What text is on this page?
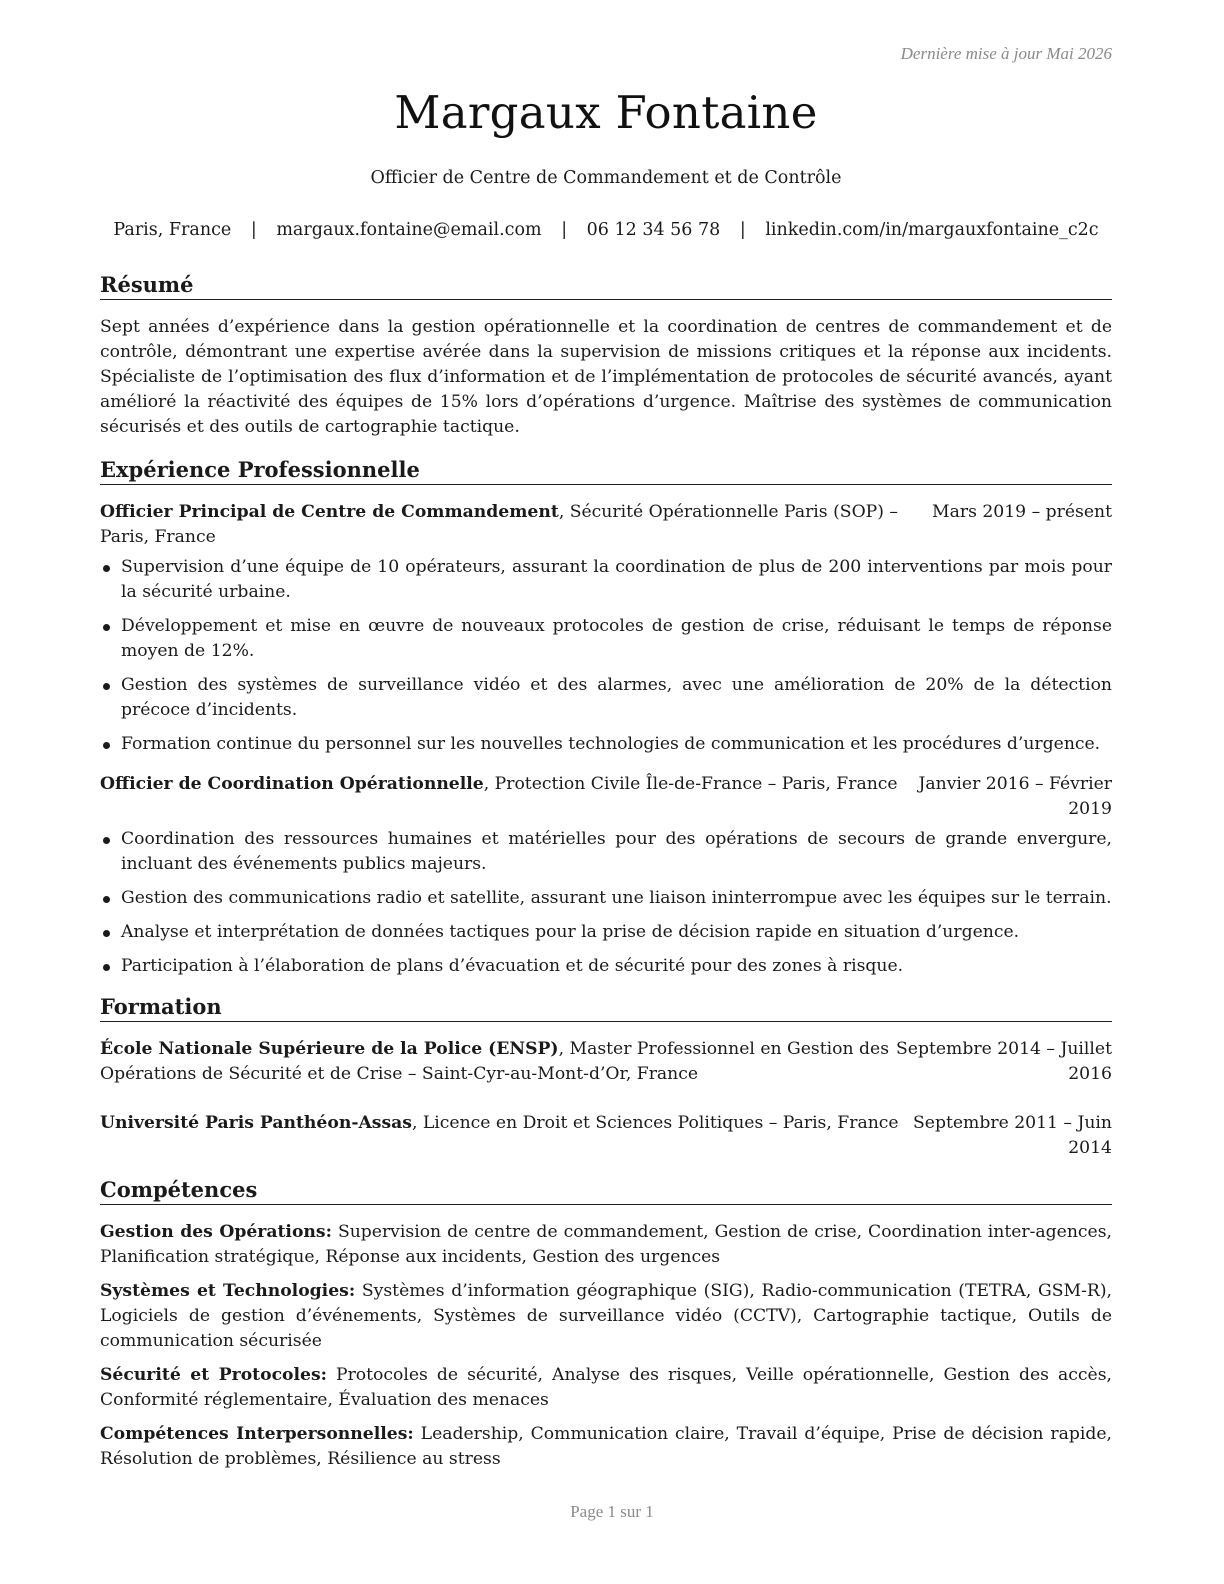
Dernière mise à jour Mai 2026
Margaux Fontaine
Officier de Centre de Commandement et de Contrôle
Paris, France | margaux.fontaine@email.com | 06 12 34 56 78 | linkedin.com/in/margauxfontaine_c2c
Résumé
Sept années d’expérience dans la gestion opérationnelle et la coordination de centres de commandement et de contrôle, démontrant une expertise avérée dans la supervision de missions critiques et la réponse aux incidents. Spécialiste de l’optimisation des flux d’information et de l’implémentation de protocoles de sécurité avancés, ayant amélioré la réactivité des équipes de 15% lors d’opérations d’urgence. Maîtrise des systèmes de communication sécurisés et des outils de cartographie tactique.
Expérience Professionnelle
Officier Principal de Centre de Commandement, Sécurité Opérationnelle Paris (SOP) –
Paris, France
Mars 2019 – présent
Supervision d’une équipe de 10 opérateurs, assurant la coordination de plus de 200 interventions par mois pour la sécurité urbaine.
Développement et mise en œuvre de nouveaux protocoles de gestion de crise, réduisant le temps de réponse moyen de 12%.
Gestion des systèmes de surveillance vidéo et des alarmes, avec une amélioration de 20% de la détection précoce d’incidents.
Formation continue du personnel sur les nouvelles technologies de communication et les procédures d’urgence.
Officier de Coordination Opérationnelle, Protection Civile Île-de-France – Paris, France Janvier 2016 – Février
2019
Coordination des ressources humaines et matérielles pour des opérations de secours de grande envergure, incluant des événements publics majeurs.
Gestion des communications radio et satellite, assurant une liaison ininterrompue avec les équipes sur le terrain.
Analyse et interprétation de données tactiques pour la prise de décision rapide en situation d’urgence.
Participation à l’élaboration de plans d’évacuation et de sécurité pour des zones à risque.
Formation
École Nationale Supérieure de la Police (ENSP), Master Professionnel en Gestion des
Opérations de Sécurité et de Crise – Saint-Cyr-au-Mont-d’Or, France
Septembre 2014 – Juillet
2016
Université Paris Panthéon-Assas, Licence en Droit et Sciences Politiques – Paris, France Septembre 2011 – Juin
2014
Compétences
Gestion des Opérations: Supervision de centre de commandement, Gestion de crise, Coordination inter-agences, Planification stratégique, Réponse aux incidents, Gestion des urgences
Systèmes et Technologies: Systèmes d’information géographique (SIG), Radio-communication (TETRA, GSM-R), Logiciels de gestion d’événements, Systèmes de surveillance vidéo (CCTV), Cartographie tactique, Outils de communication sécurisée
Sécurité et Protocoles: Protocoles de sécurité, Analyse des risques, Veille opérationnelle, Gestion des accès, Conformité réglementaire, Évaluation des menaces
Compétences Interpersonnelles: Leadership, Communication claire, Travail d’équipe, Prise de décision rapide, Résolution de problèmes, Résilience au stress
Page 1 sur 1
